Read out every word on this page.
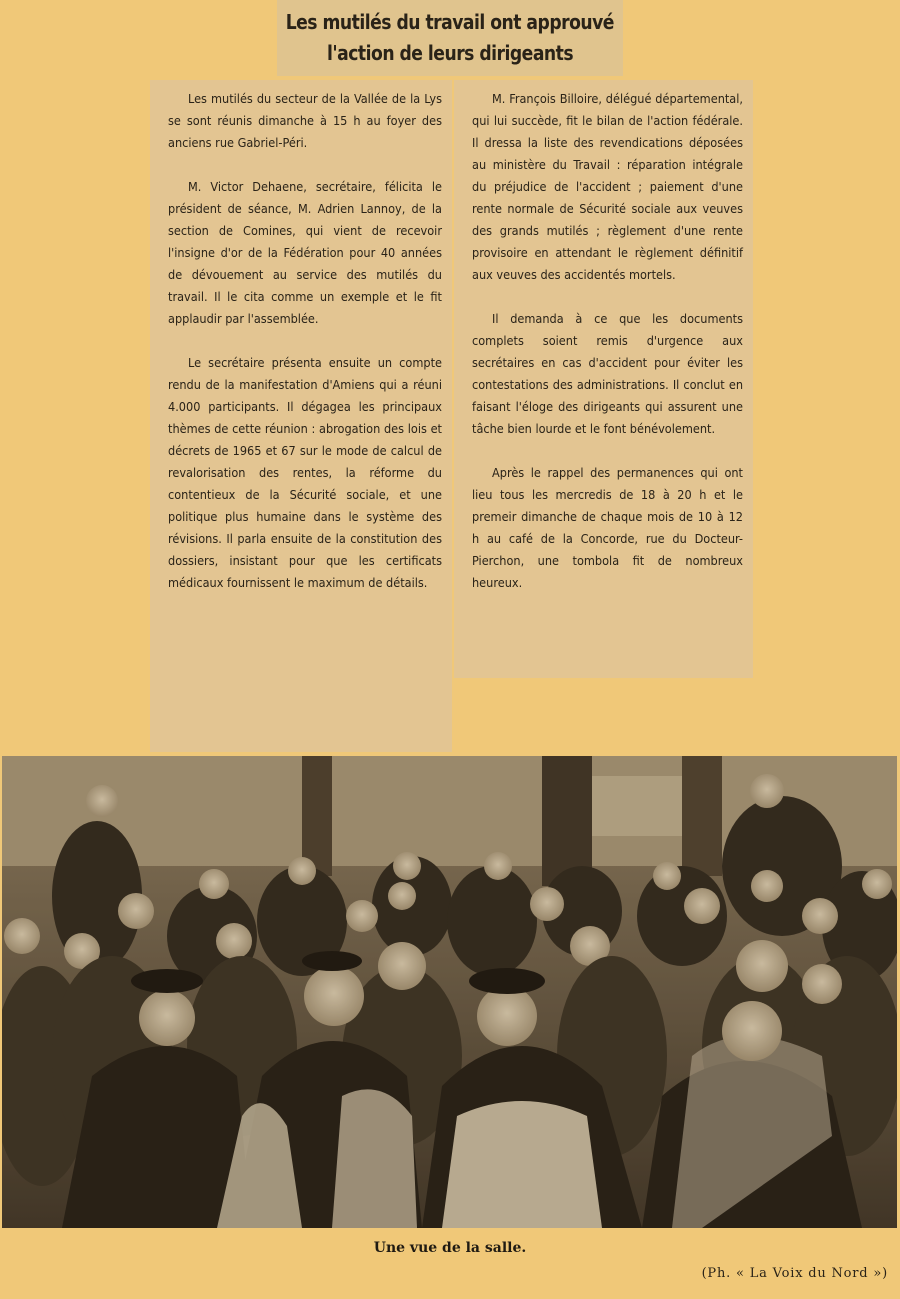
Les mutilés du travail ont approuvé
l'action de leurs dirigeants

Les mutilés du secteur de la Vallée de la Lys se sont réunis dimanche à 15 h au foyer des anciens rue Gabriel-Péri.

M. Victor Dehaene, secrétaire, félicita le président de séance, M. Adrien Lannoy, de la section de Comines, qui vient de recevoir l'insigne d'or de la Fédération pour 40 années de dévouement au service des mutilés du travail. Il le cita comme un exemple et le fit applaudir par l'assemblée.

Le secrétaire présenta ensuite un compte rendu de la manifestation d'Amiens qui a réuni 4.000 participants. Il dégagea les principaux thèmes de cette réunion : abrogation des lois et décrets de 1965 et 67 sur le mode de calcul de revalorisation des rentes, la réforme du contentieux de la Sécurité sociale, et une politique plus humaine dans le système des révisions. Il parla ensuite de la constitution des dossiers, insistant pour que les certificats médicaux fournissent le maximum de détails.

M. François Billoire, délégué départemental, qui lui succède, fit le bilan de l'action fédérale. Il dressa la liste des revendications déposées au ministère du Travail : réparation intégrale du préjudice de l'accident ; paiement d'une rente normale de Sécurité sociale aux veuves des grands mutilés ; règlement d'une rente provisoire en attendant le règlement définitif aux veuves des accidentés mortels.

Il demanda à ce que les documents complets soient remis d'urgence aux secrétaires en cas d'accident pour éviter les contestations des administrations. Il conclut en faisant l'éloge des dirigeants qui assurent une tâche bien lourde et le font bénévolement.

Après le rappel des permanences qui ont lieu tous les mercredis de 18 à 20 h et le premeir dimanche de chaque mois de 10 à 12 h au café de la Concorde, rue du Docteur-Pierchon, une tombola fit de nombreux heureux.

Une vue de la salle.
(Ph. « La Voix du Nord »)
